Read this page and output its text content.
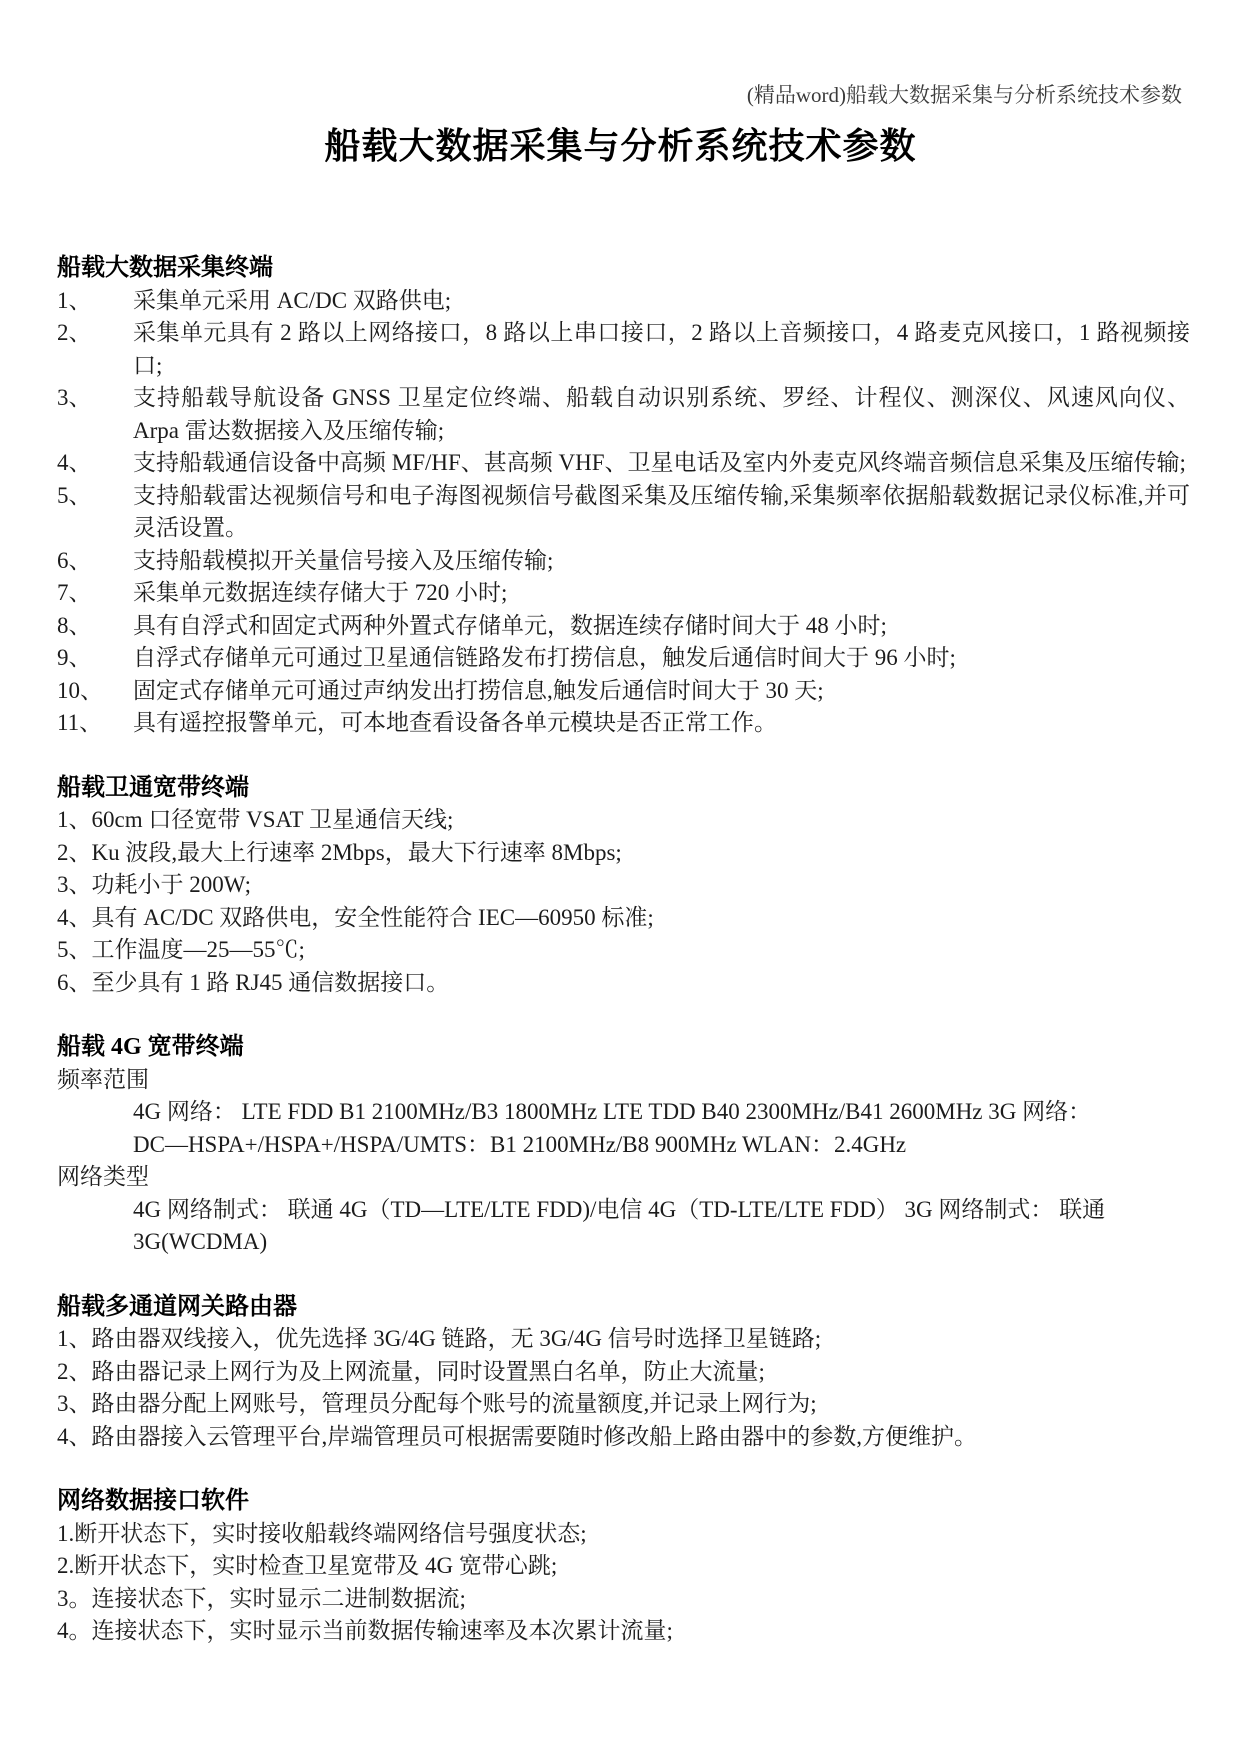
(精品word)船载大数据采集与分析系统技术参数
船载大数据采集与分析系统技术参数
船载大数据采集终端
1、	采集单元采用 AC/DC 双路供电;
2、	采集单元具有 2 路以上网络接口，8 路以上串口接口，2 路以上音频接口，4 路麦克风接口，1 路视频接口;
3、	支持船载导航设备 GNSS 卫星定位终端、船载自动识别系统、罗经、计程仪、测深仪、风速风向仪、Arpa 雷达数据接入及压缩传输;
4、	支持船载通信设备中高频 MF/HF、甚高频 VHF、卫星电话及室内外麦克风终端音频信息采集及压缩传输;
5、	支持船载雷达视频信号和电子海图视频信号截图采集及压缩传输,采集频率依据船载数据记录仪标准,并可灵活设置。
6、	支持船载模拟开关量信号接入及压缩传输;
7、	采集单元数据连续存储大于 720 小时;
8、	具有自浮式和固定式两种外置式存储单元，数据连续存储时间大于 48 小时;
9、	自浮式存储单元可通过卫星通信链路发布打捞信息，触发后通信时间大于 96 小时;
10、	固定式存储单元可通过声纳发出打捞信息,触发后通信时间大于 30 天;
11、	具有遥控报警单元，可本地查看设备各单元模块是否正常工作。
船载卫通宽带终端
1、 60cm 口径宽带 VSAT 卫星通信天线;
2、 Ku 波段,最大上行速率 2Mbps，最大下行速率 8Mbps;
3、 功耗小于 200W;
4、 具有 AC/DC 双路供电，安全性能符合 IEC—60950 标准;
5、 工作温度—25—55℃;
6、 至少具有 1 路 RJ45 通信数据接口。
船载 4G 宽带终端

频率范围

4G 网络： LTE FDD B1 2100MHz/B3 1800MHz LTE TDD B40 2300MHz/B41 2600MHz 3G 网络：

DC—HSPA+/HSPA+/HSPA/UMTS：B1 2100MHz/B8 900MHz WLAN：2.4GHz

网络类型

4G 网络制式： 联通 4G（TD—LTE/LTE FDD)/电信 4G（TD-LTE/LTE FDD） 3G 网络制式： 联通

3G(WCDMA)

船载多通道网关路由器
1、 路由器双线接入，优先选择 3G/4G 链路，无 3G/4G 信号时选择卫星链路;
2、 路由器记录上网行为及上网流量，同时设置黑白名单，防止大流量;
3、 路由器分配上网账号，管理员分配每个账号的流量额度,并记录上网行为;
4、 路由器接入云管理平台,岸端管理员可根据需要随时修改船上路由器中的参数,方便维护。
网络数据接口软件
1. 断开状态下，实时接收船载终端网络信号强度状态;
2. 断开状态下，实时检查卫星宽带及 4G 宽带心跳;
3。 连接状态下，实时显示二进制数据流;
4。 连接状态下，实时显示当前数据传输速率及本次累计流量;
